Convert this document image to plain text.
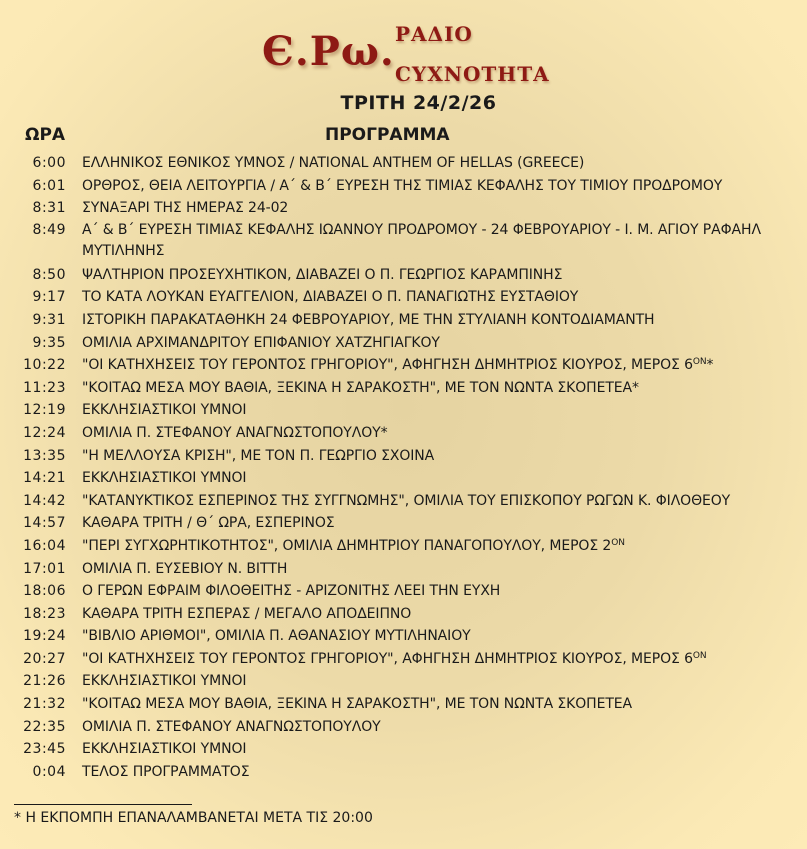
Є.Ρω. ΡΑΔΙΟ
CΥΧΝΟΤΗΤΑ
ΤΡΙΤΗ 24/2/26
ΩΡΑ	ΠΡΟΓΡΑΜΜΑ
6:00 ΕΛΛΗΝΙΚΟΣ ΕΘΝΙΚΟΣ ΥΜΝΟΣ / NATIONAL ANTHEM OF HELLAS (GREECE)
6:01 ΟΡΘΡΟΣ, ΘΕΙΑ ΛΕΙΤΟΥΡΓΙΑ / Α΄ & Β΄ ΕΥΡΕΣΗ ΤΗΣ ΤΙΜΙΑΣ ΚΕΦΑΛΗΣ ΤΟΥ ΤΙΜΙΟΥ ΠΡΟΔΡΟΜΟΥ
8:31 ΣΥΝΑΞΑΡΙ ΤΗΣ ΗΜΕΡΑΣ 24-02
8:49 Α΄ & Β΄ ΕΥΡΕΣΗ ΤΙΜΙΑΣ ΚΕΦΑΛΗΣ ΙΩΑΝΝΟΥ ΠΡΟΔΡΟΜΟΥ - 24 ΦΕΒΡΟΥΑΡΙΟΥ - Ι. Μ. ΑΓΙΟΥ ΡΑΦΑΗΛ ΜΥΤΙΛΗΝΗΣ
8:50 ΨΑΛΤΗΡΙΟΝ ΠΡΟΣΕΥΧΗΤΙΚΟΝ, ΔΙΑΒΑΖΕΙ Ο Π. ΓΕΩΡΓΙΟΣ ΚΑΡΑΜΠΙΝΗΣ
9:17 ΤΟ ΚΑΤΑ ΛΟΥΚΑΝ ΕΥΑΓΓΕΛΙΟΝ, ΔΙΑΒΑΖΕΙ Ο Π. ΠΑΝΑΓΙΩΤΗΣ ΕΥΣΤΑΘΙΟΥ
9:31 ΙΣΤΟΡΙΚΗ ΠΑΡΑΚΑΤΑΘΗΚΗ 24 ΦΕΒΡΟΥΑΡΙΟΥ, ΜΕ ΤΗΝ ΣΤΥΛΙΑΝΗ ΚΟΝΤΟΔΙΑΜΑΝΤΗ
9:35 ΟΜΙΛΙΑ ΑΡΧΙΜΑΝΔΡΙΤΟΥ ΕΠΙΦΑΝΙΟΥ ΧΑΤΖΗΓΙΑΓΚΟΥ
10:22 "ΟΙ ΚΑΤΗΧΗΣΕΙΣ ΤΟΥ ΓΕΡΟΝΤΟΣ ΓΡΗΓΟΡΙΟΥ", ΑΦΗΓΗΣΗ ΔΗΜΗΤΡΙΟΣ ΚΙΟΥΡΟΣ, ΜΕΡΟΣ $6^{ON}*$
11:23 "ΚΟΙΤΑΩ ΜΕΣΑ ΜΟΥ ΒΑΘΙΑ, ΞΕΚΙΝΑ Η ΣΑΡΑΚΟΣΤΗ", ΜΕ ΤΟΝ ΝΩΝΤΑ ΣΚΟΠΕΤΕΑ*
12:19 ΕΚΚΛΗΣΙΑΣΤΙΚΟΙ ΥΜΝΟΙ
12:24 ΟΜΙΛΙΑ Π. ΣΤΕΦΑΝΟΥ ΑΝΑΓΝΩΣΤΟΠΟΥΛΟΥ*
13:35 "Η ΜΕΛΛΟΥΣΑ ΚΡΙΣΗ", ΜΕ ΤΟΝ Π. ΓΕΩΡΓΙΟ ΣΧΟΙΝΑ
14:21 ΕΚΚΛΗΣΙΑΣΤΙΚΟΙ ΥΜΝΟΙ
14:42 "ΚΑΤΑΝΥΚΤΙΚΟΣ ΕΣΠΕΡΙΝΟΣ ΤΗΣ ΣΥΓΓΝΩΜΗΣ", ΟΜΙΛΙΑ ΤΟΥ ΕΠΙΣΚΟΠΟΥ ΡΩΓΩΝ Κ. ΦΙΛΟΘΕΟΥ
14:57 ΚΑΘΑΡΑ ΤΡΙΤΗ / Θ΄ ΩΡΑ, ΕΣΠΕΡΙΝΟΣ
16:04 "ΠΕΡΙ ΣΥΓΧΩΡΗΤΙΚΟΤΗΤΟΣ", ΟΜΙΛΙΑ ΔΗΜΗΤΡΙΟΥ ΠΑΝΑΓΟΠΟΥΛΟΥ, ΜΕΡΟΣ $2^{ON}$
17:01 ΟΜΙΛΙΑ Π. ΕΥΣΕΒΙΟΥ Ν. ΒΙΤΤΗ
18:06 Ο ΓΕΡΩΝ ΕΦΡΑΙΜ ΦΙΛΟΘΕΙΤΗΣ - ΑΡΙΖΟΝΙΤΗΣ ΛΕΕΙ ΤΗΝ ΕΥΧΗ
18:23 ΚΑΘΑΡΑ ΤΡΙΤΗ ΕΣΠΕΡΑΣ / ΜΕΓΑΛΟ ΑΠΟΔΕΙΠΝΟ
19:24 "ΒΙΒΛΙΟ ΑΡΙΘΜΟΙ", ΟΜΙΛΙΑ Π. ΑΘΑΝΑΣΙΟΥ ΜΥΤΙΛΗΝΑΙΟΥ
20:27 "ΟΙ ΚΑΤΗΧΗΣΕΙΣ ΤΟΥ ΓΕΡΟΝΤΟΣ ΓΡΗΓΟΡΙΟΥ", ΑΦΗΓΗΣΗ ΔΗΜΗΤΡΙΟΣ ΚΙΟΥΡΟΣ, ΜΕΡΟΣ $6^{ON}$
21:26 ΕΚΚΛΗΣΙΑΣΤΙΚΟΙ ΥΜΝΟΙ
21:32 "ΚΟΙΤΑΩ ΜΕΣΑ ΜΟΥ ΒΑΘΙΑ, ΞΕΚΙΝΑ Η ΣΑΡΑΚΟΣΤΗ", ΜΕ ΤΟΝ ΝΩΝΤΑ ΣΚΟΠΕΤΕΑ
22:35 ΟΜΙΛΙΑ Π. ΣΤΕΦΑΝΟΥ ΑΝΑΓΝΩΣΤΟΠΟΥΛΟΥ
23:45 ΕΚΚΛΗΣΙΑΣΤΙΚΟΙ ΥΜΝΟΙ
0:04 ΤΕΛΟΣ ΠΡΟΓΡΑΜΜΑΤΟΣ
* Η ΕΚΠΟΜΠΗ ΕΠΑΝΑΛΑΜΒΑΝΕΤΑΙ ΜΕΤΑ ΤΙΣ 20:00
